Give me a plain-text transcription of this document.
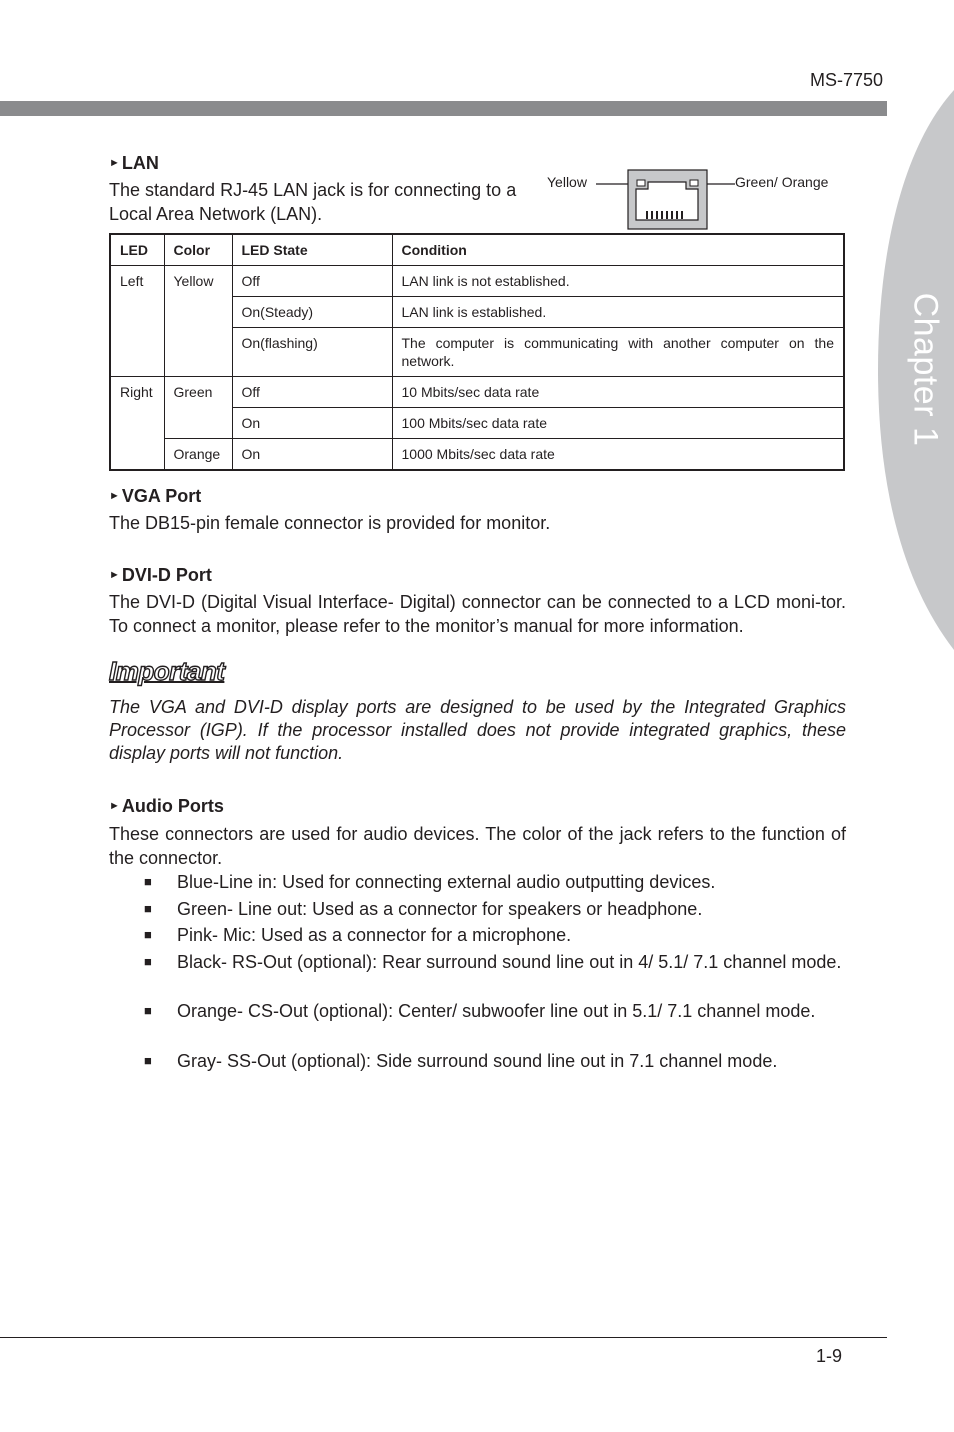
MS-7750
Chapter 1
► LAN
The standard RJ-45 LAN jack is for connecting to a
Local Area Network (LAN).
Yellow	Green/ Orange
LED	Color	LED State	Condition
Left	Yellow	Off	LAN link is not established.
		On(Steady)	LAN link is established.
		On(flashing)	The computer is communicating with another computer on the network.
Right	Green	Off	10 Mbits/sec data rate
		On	100 Mbits/sec data rate
	Orange	On	1000 Mbits/sec data rate
► VGA Port
The DB15-pin female connector is provided for monitor.
► DVI-D Port
The DVI-D (Digital Visual Interface- Digital) connector can be connected to a LCD moni-tor. To connect a monitor, please refer to the monitor’s manual for more information.
Important
The VGA and DVI-D display ports are designed to be used by the Integrated Graphics Processor (IGP). If the processor installed does not provide integrated graphics, these display ports will not function.
► Audio Ports
These connectors are used for audio devices. The color of the jack refers to the function of the connector.
■ Blue-Line in: Used for connecting external audio outputting devices.
■ Green- Line out: Used as a connector for speakers or headphone.
■ Pink- Mic: Used as a connector for a microphone.
■ Black- RS-Out (optional): Rear surround sound line out in 4/ 5.1/ 7.1 channel mode.
■ Orange- CS-Out (optional): Center/ subwoofer line out in 5.1/ 7.1 channel mode.
■ Gray- SS-Out (optional): Side surround sound line out in 7.1 channel mode.
1-9
